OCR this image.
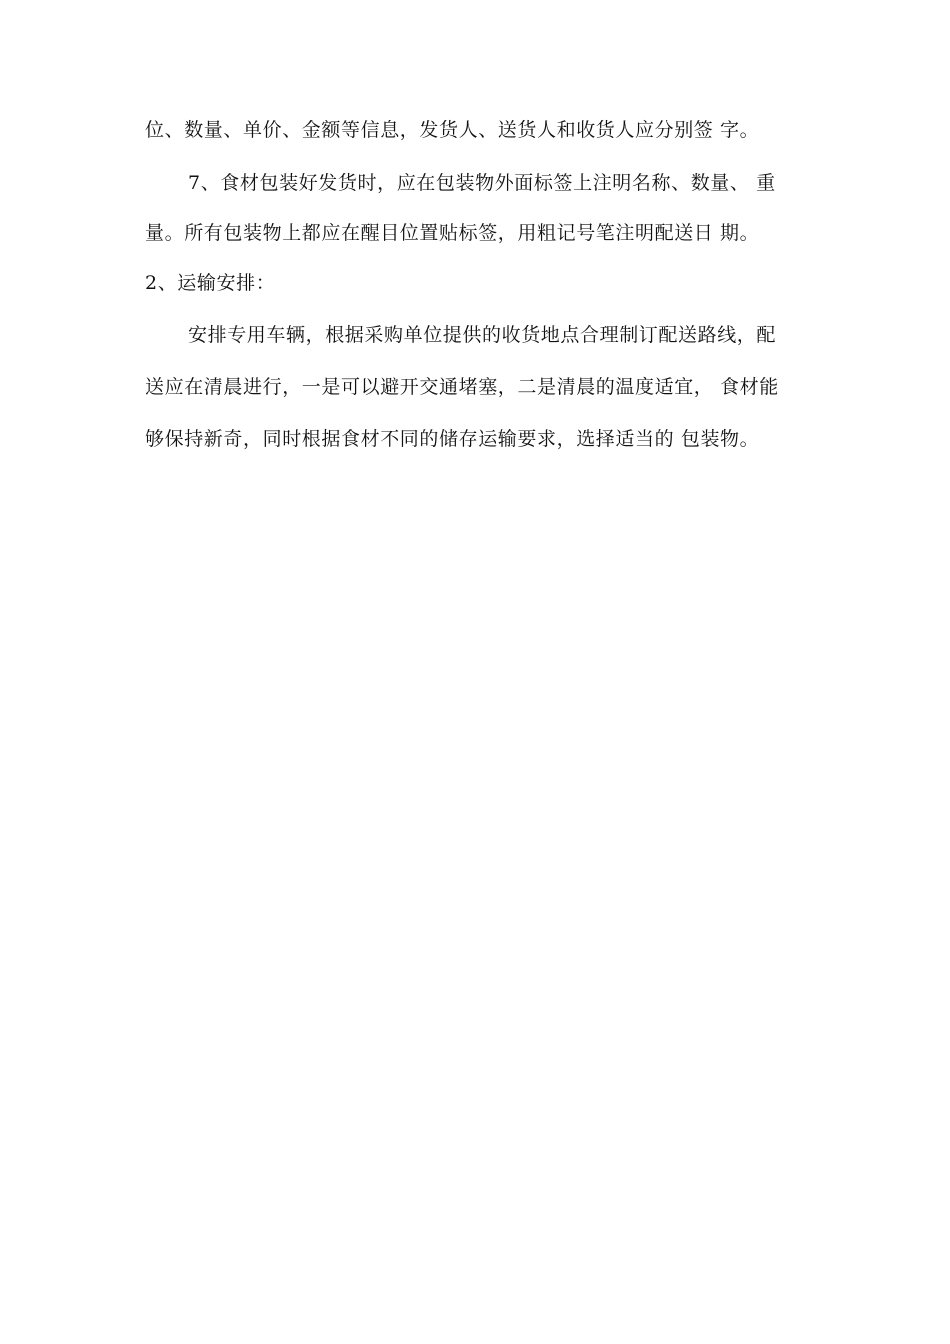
位、数量、单价、金额等信息，发货人、送货人和收货人应分别签 字。
7、食材包装好发货时，应在包装物外面标签上注明名称、数量、 重
量。所有包装物上都应在醒目位置贴标签，用粗记号笔注明配送日 期。
2、运输安排：
安排专用车辆，根据采购单位提供的收货地点合理制订配送路线，配
送应在清晨进行，一是可以避开交通堵塞，二是清晨的温度适宜， 食材能
够保持新奇，同时根据食材不同的储存运输要求，选择适当的 包装物。
